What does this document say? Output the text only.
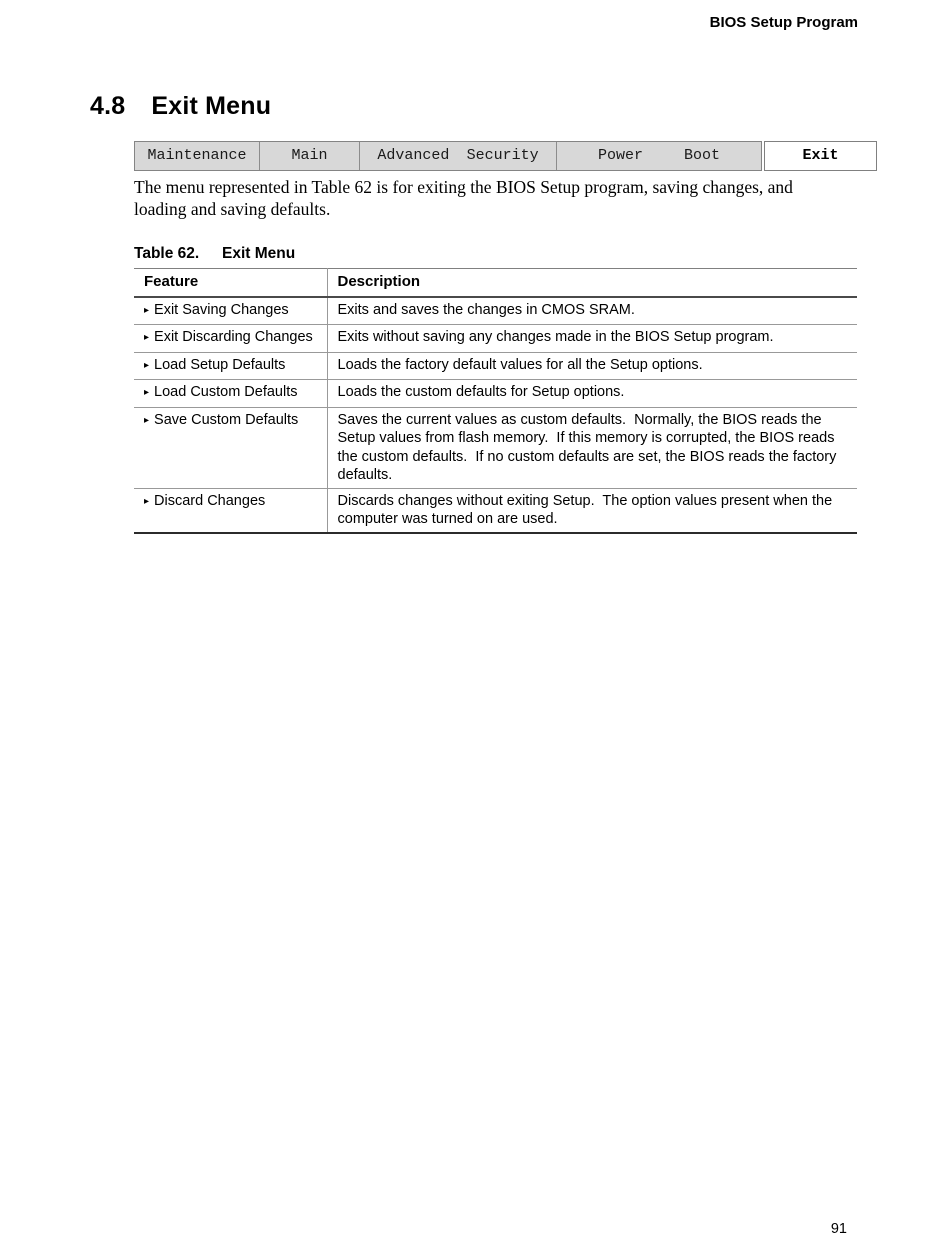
BIOS Setup Program
4.8 Exit Menu
Maintenance	Main	Advanced Security	Power	Boot	Exit

The menu represented in Table 62 is for exiting the BIOS Setup program, saving changes, and loading and saving defaults.

Table 62. Exit Menu
Feature	Description
▸ Exit Saving Changes	Exits and saves the changes in CMOS SRAM.
▸ Exit Discarding Changes	Exits without saving any changes made in the BIOS Setup program.
▸ Load Setup Defaults	Loads the factory default values for all the Setup options.
▸ Load Custom Defaults	Loads the custom defaults for Setup options.
▸ Save Custom Defaults	Saves the current values as custom defaults.  Normally, the BIOS reads the Setup values from flash memory.  If this memory is corrupted, the BIOS reads the custom defaults.  If no custom defaults are set, the BIOS reads the factory defaults.
▸ Discard Changes	Discards changes without exiting Setup.  The option values present when the computer was turned on are used.
91
